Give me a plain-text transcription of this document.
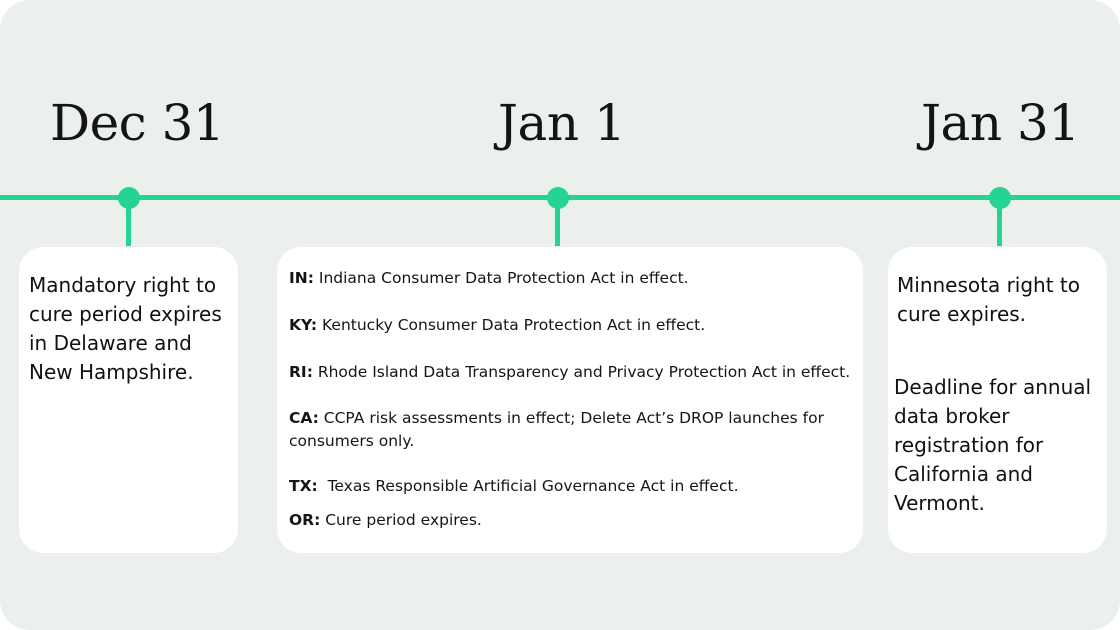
Dec 31	Jan 1	Jan 31
Mandatory right to cure period expires in Delaware and New Hampshire.
IN: Indiana Consumer Data Protection Act in effect.
KY: Kentucky Consumer Data Protection Act in effect.
RI: Rhode Island Data Transparency and Privacy Protection Act in effect.
CA: CCPA risk assessments in effect; Delete Act’s DROP launches for consumers only.
TX:  Texas Responsible Artificial Governance Act in effect.
OR: Cure period expires.
Minnesota right to cure expires.
Deadline for annual data broker registration for California and Vermont.
